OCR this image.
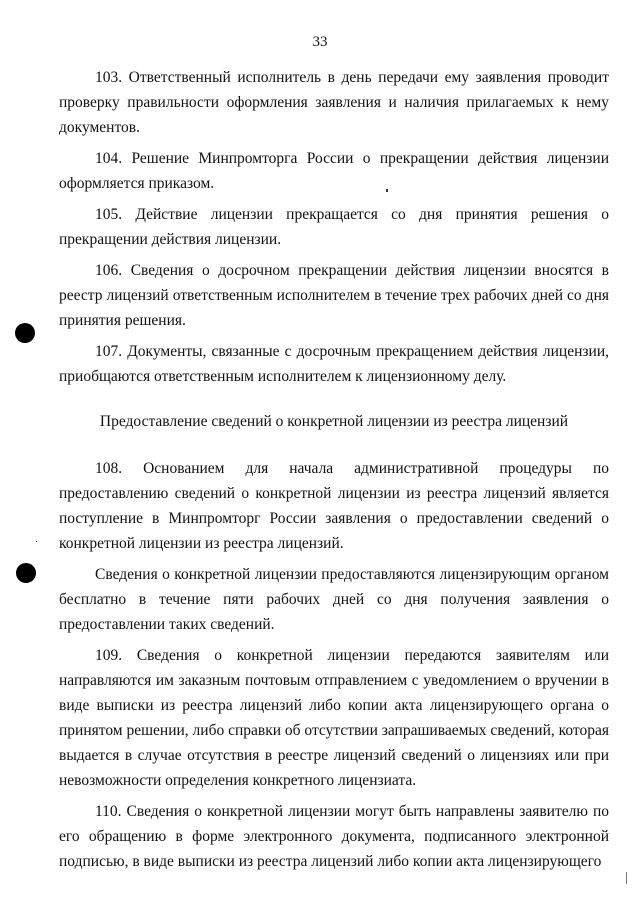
33

103. Ответственный исполнитель в день передачи ему заявления проводит проверку правильности оформления заявления и наличия прилагаемых к нему документов.

104. Решение Минпромторга России о прекращении действия лицензии оформляется приказом.

105. Действие лицензии прекращается со дня принятия решения о прекращении действия лицензии.

106. Сведения о досрочном прекращении действия лицензии вносятся в реестр лицензий ответственным исполнителем в течение трех рабочих дней со дня принятия решения.

107. Документы, связанные с досрочным прекращением действия лицензии, приобщаются ответственным исполнителем к лицензионному делу.

Предоставление сведений о конкретной лицензии из реестра лицензий

108. Основанием для начала административной процедуры по предоставлению сведений о конкретной лицензии из реестра лицензий является поступление в Минпромторг России заявления о предоставлении сведений о конкретной лицензии из реестра лицензий.

Сведения о конкретной лицензии предоставляются лицензирующим органом бесплатно в течение пяти рабочих дней со дня получения заявления о предоставлении таких сведений.

109. Сведения о конкретной лицензии передаются заявителям или направляются им заказным почтовым отправлением с уведомлением о вручении в виде выписки из реестра лицензий либо копии акта лицензирующего органа о принятом решении, либо справки об отсутствии запрашиваемых сведений, которая выдается в случае отсутствия в реестре лицензий сведений о лицензиях или при невозможности определения конкретного лицензиата.

110. Сведения о конкретной лицензии могут быть направлены заявителю по его обращению в форме электронного документа, подписанного электронной подписью, в виде выписки из реестра лицензий либо копии акта лицензирующего
